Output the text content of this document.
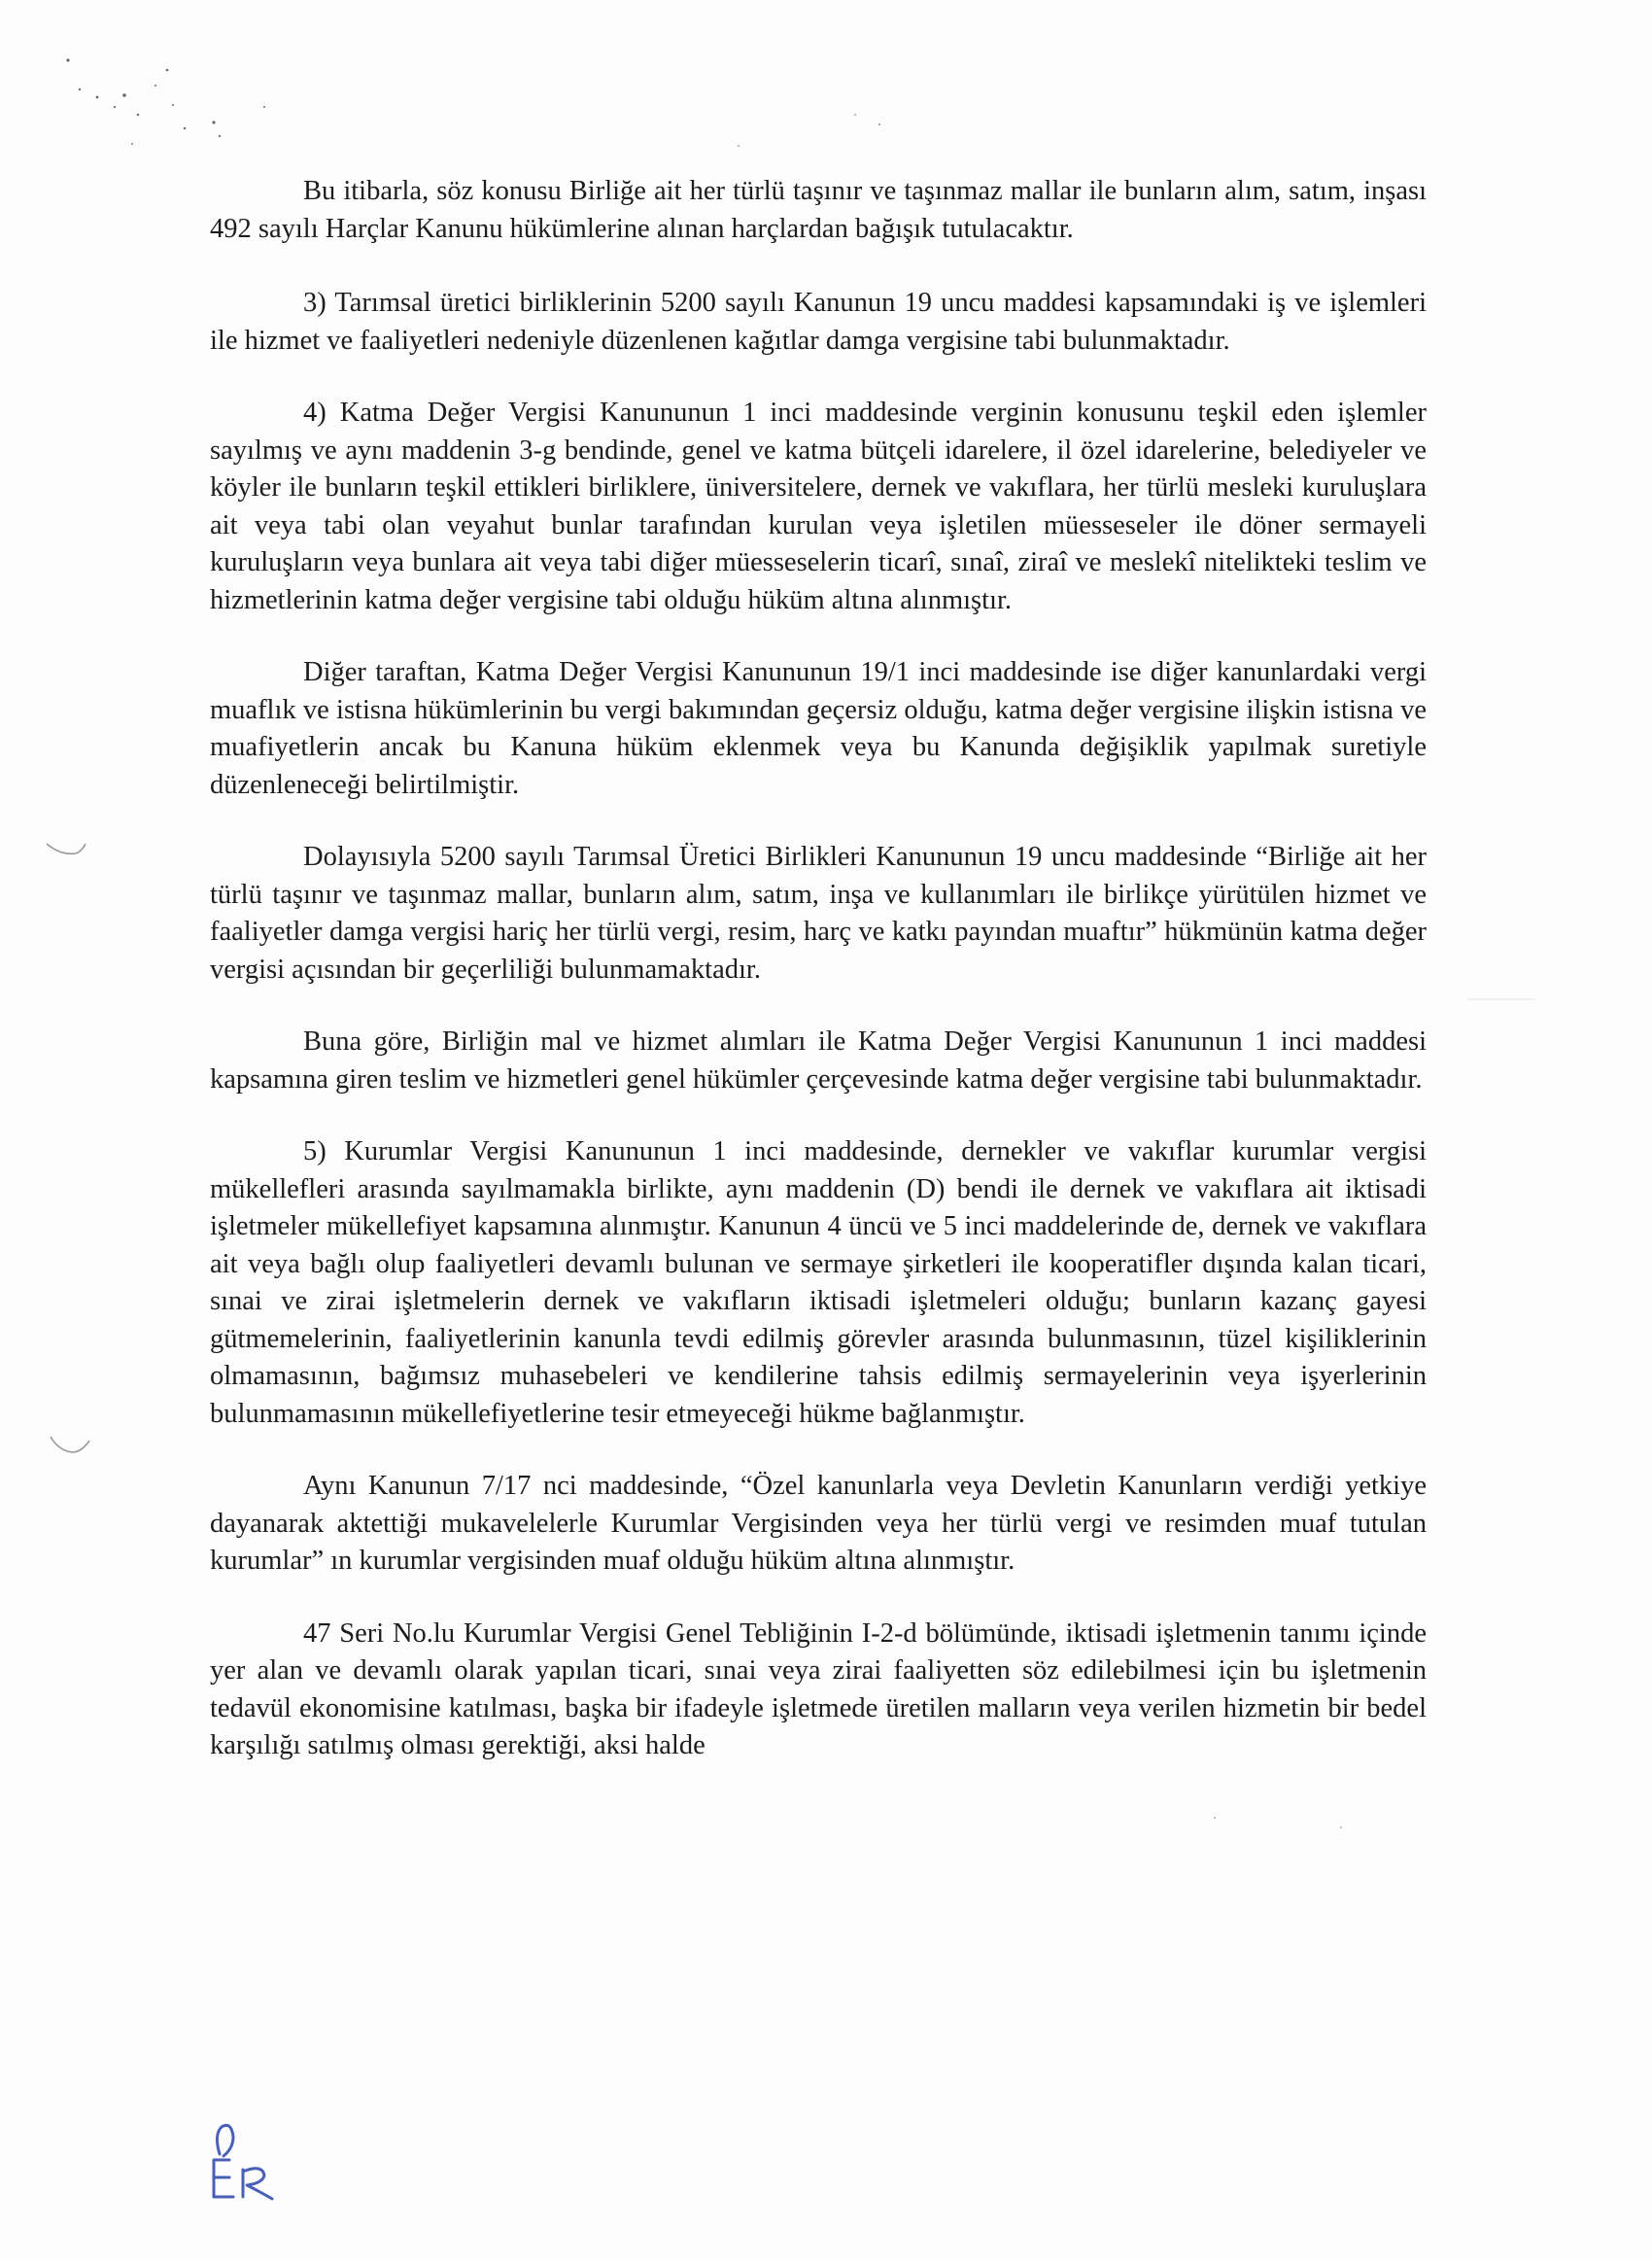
Bu itibarla, söz konusu Birliğe ait her türlü taşınır ve taşınmaz mallar ile bunların alım, satım, inşası 492 sayılı Harçlar Kanunu hükümlerine alınan harçlardan bağışık tutulacaktır.

3) Tarımsal üretici birliklerinin 5200 sayılı Kanunun 19 uncu maddesi kapsamındaki iş ve işlemleri ile hizmet ve faaliyetleri nedeniyle düzenlenen kağıtlar damga vergisine tabi bulunmaktadır.

4) Katma Değer Vergisi Kanununun 1 inci maddesinde verginin konusunu teşkil eden işlemler sayılmış ve aynı maddenin 3-g bendinde, genel ve katma bütçeli idarelere, il özel idarelerine, belediyeler ve köyler ile bunların teşkil ettikleri birliklere, üniversitelere, dernek ve vakıflara, her türlü mesleki kuruluşlara ait veya tabi olan veyahut bunlar tarafından kurulan veya işletilen müesseseler ile döner sermayeli kuruluşların veya bunlara ait veya tabi diğer müesseselerin ticarî, sınaî, ziraî ve meslekî nitelikteki teslim ve hizmetlerinin katma değer vergisine tabi olduğu hüküm altına alınmıştır.

Diğer taraftan, Katma Değer Vergisi Kanununun 19/1 inci maddesinde ise diğer kanunlardaki vergi muaflık ve istisna hükümlerinin bu vergi bakımından geçersiz olduğu, katma değer vergisine ilişkin istisna ve muafiyetlerin ancak bu Kanuna hüküm eklenmek veya bu Kanunda değişiklik yapılmak suretiyle düzenleneceği belirtilmiştir.

Dolayısıyla 5200 sayılı Tarımsal Üretici Birlikleri Kanununun 19 uncu maddesinde “Birliğe ait her türlü taşınır ve taşınmaz mallar, bunların alım, satım, inşa ve kullanımları ile birlikçe yürütülen hizmet ve faaliyetler damga vergisi hariç her türlü vergi, resim, harç ve katkı payından muaftır” hükmünün katma değer vergisi açısından bir geçerliliği bulunmamaktadır.

Buna göre, Birliğin mal ve hizmet alımları ile Katma Değer Vergisi Kanununun 1 inci maddesi kapsamına giren teslim ve hizmetleri genel hükümler çerçevesinde katma değer vergisine tabi bulunmaktadır.

5) Kurumlar Vergisi Kanununun 1 inci maddesinde, dernekler ve vakıflar kurumlar vergisi mükellefleri arasında sayılmamakla birlikte, aynı maddenin (D) bendi ile dernek ve vakıflara ait iktisadi işletmeler mükellefiyet kapsamına alınmıştır. Kanunun 4 üncü ve 5 inci maddelerinde de, dernek ve vakıflara ait veya bağlı olup faaliyetleri devamlı bulunan ve sermaye şirketleri ile kooperatifler dışında kalan ticari, sınai ve zirai işletmelerin dernek ve vakıfların iktisadi işletmeleri olduğu; bunların kazanç gayesi gütmemelerinin, faaliyetlerinin kanunla tevdi edilmiş görevler arasında bulunmasının, tüzel kişiliklerinin olmamasının, bağımsız muhasebeleri ve kendilerine tahsis edilmiş sermayelerinin veya işyerlerinin bulunmamasının mükellefiyetlerine tesir etmeyeceği hükme bağlanmıştır.

Aynı Kanunun 7/17 nci maddesinde, “Özel kanunlarla veya Devletin Kanunların verdiği yetkiye dayanarak aktettiği mukavelelerle Kurumlar Vergisinden veya her türlü vergi ve resimden muaf tutulan kurumlar” ın kurumlar vergisinden muaf olduğu hüküm altına alınmıştır.

47 Seri No.lu Kurumlar Vergisi Genel Tebliğinin I-2-d bölümünde, iktisadi işletmenin tanımı içinde yer alan ve devamlı olarak yapılan ticari, sınai veya zirai faaliyetten söz edilebilmesi için bu işletmenin tedavül ekonomisine katılması, başka bir ifadeyle işletmede üretilen malların veya verilen hizmetin bir bedel karşılığı satılmış olması gerektiği, aksi halde
